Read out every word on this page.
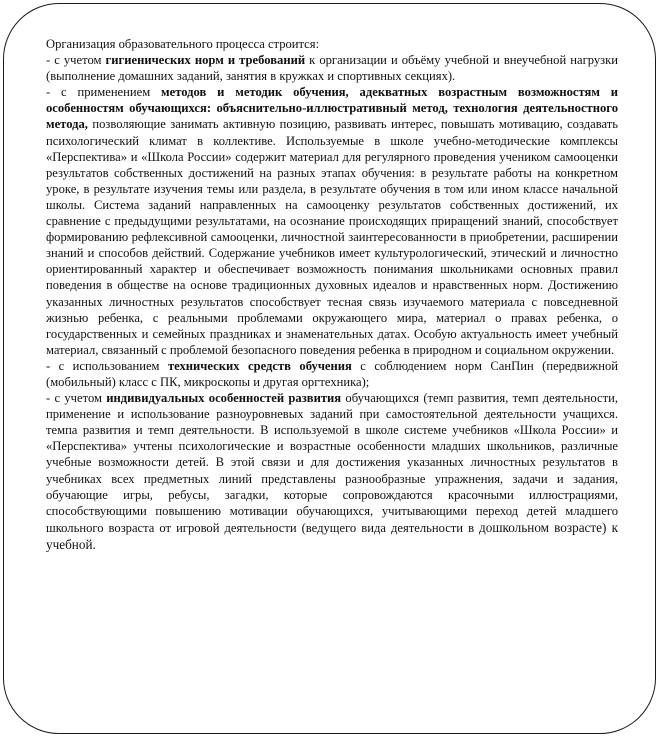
Организация образовательного процесса строится:

- с учетом гигиенических норм и требований к организации и объёму учебной и внеучебной нагрузки (выполнение домашних заданий, занятия в кружках и спортивных секциях).

- с применением методов и методик обучения, адекватных возрастным возможностям и особенностям обучающихся: объяснительно-иллюстративный метод, технология деятельностного метода, позволяющие занимать активную позицию, развивать интерес, повышать мотивацию, создавать психологический климат в коллективе. Используемые в школе учебно-методические комплексы «Перспектива» и «Школа России» содержит материал для регулярного проведения учеником самооценки результатов собственных достижений на разных этапах обучения: в результате работы на конкретном уроке, в результате изучения темы или раздела, в результате обучения в том или ином классе начальной школы. Система заданий направленных на самооценку результатов собственных достижений, их сравнение с предыдущими результатами, на осознание происходящих приращений знаний, способствует формированию рефлексивной самооценки, личностной заинтересованности в приобретении, расширении знаний и способов действий. Содержание учебников имеет культурологический, этический и личностно ориентированный характер и обеспечивает возможность понимания школьниками основных правил поведения в обществе на основе традиционных духовных идеалов и нравственных норм. Достижению указанных личностных результатов способствует тесная связь изучаемого материала с повседневной жизнью ребенка, с реальными проблемами окружающего мира, материал о правах ребенка, о государственных и семейных праздниках и знаменательных датах. Особую актуальность имеет учебный материал, связанный с проблемой безопасного поведения ребенка в природном и социальном окружении.

- с использованием технических средств обучения с соблюдением норм СанПин (передвижной (мобильный) класс с ПК, микроскопы и другая оргтехника);

- с учетом индивидуальных особенностей развития обучающихся (темп развития, темп деятельности, применение и использование разноуровневых заданий при самостоятельной деятельности учащихся. темпа развития и темп деятельности. В используемой в школе системе учебников «Школа России» и «Перспектива» учтены психологические и возрастные особенности младших школьников, различные учебные возможности детей. В этой связи и для достижения указанных личностных результатов в учебниках всех предметных линий представлены разнообразные упражнения, задачи и задания, обучающие игры, ребусы, загадки, которые сопровождаются красочными иллюстрациями, способствующими повышению мотивации обучающихся, учитывающими переход детей младшего школьного возраста от игровой деятельности (ведущего вида деятельности в дошкольном возрасте) к учебной.
